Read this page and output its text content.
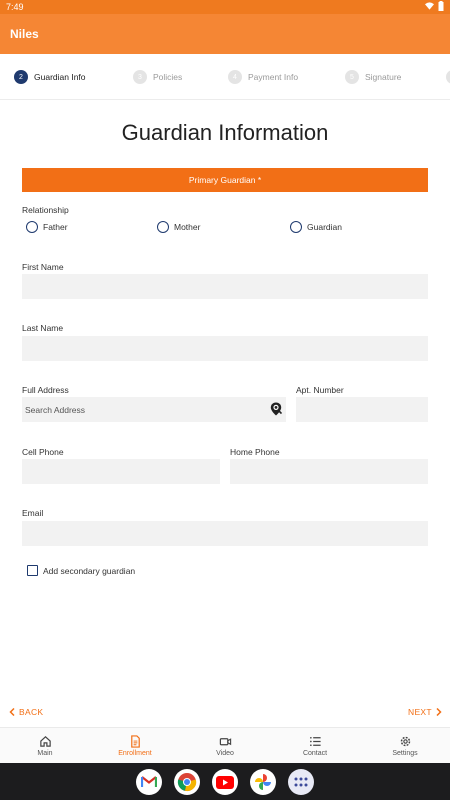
7:49
Niles
2	Guardian Info	3	Policies	4	Payment Info	5	Signature
Guardian Information
Primary Guardian *
Relationship
Father	Mother	Guardian
First Name
Last Name
Full Address
Search Address	Apt. Number
Cell Phone	Home Phone
Email
Add secondary guardian
BACK	NEXT
Main	Enrollment	Video	Contact	Settings
